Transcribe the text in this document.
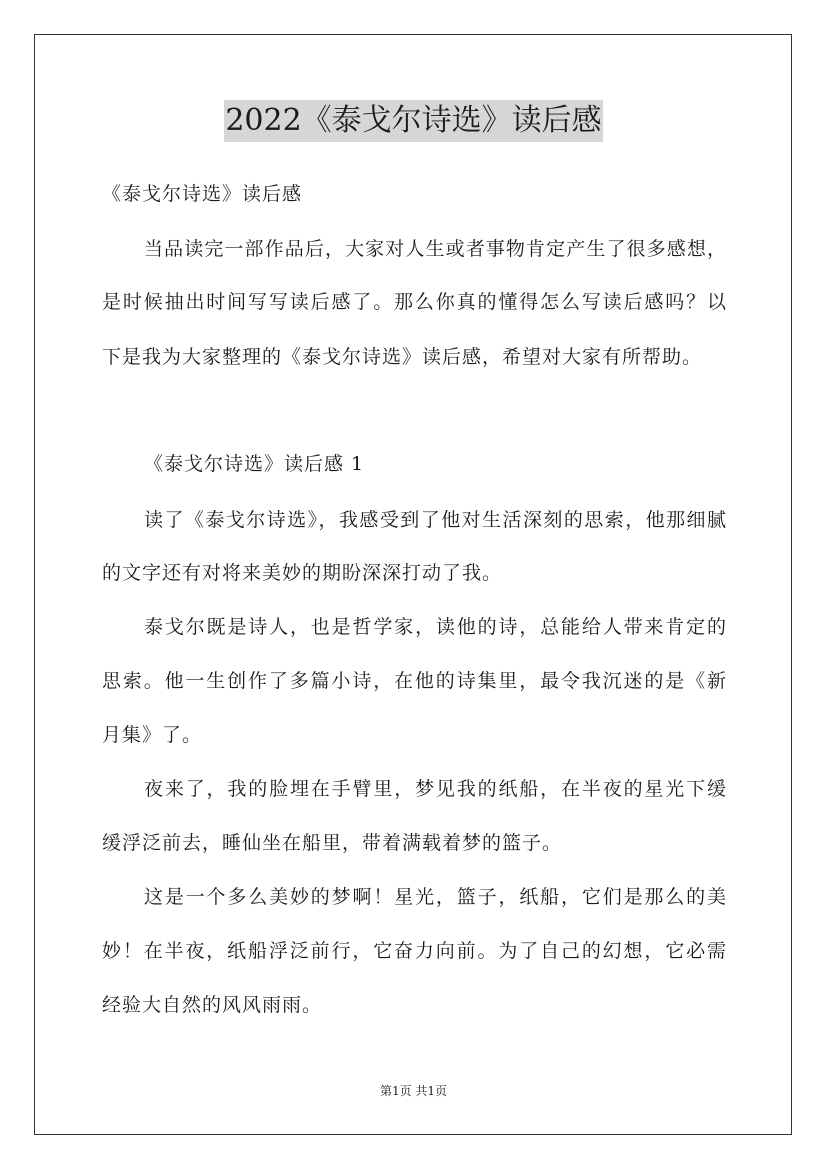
2022《泰戈尔诗选》读后感

《泰戈尔诗选》读后感

当品读完一部作品后，大家对人生或者事物肯定产生了很多感想，

是时候抽出时间写写读后感了。那么你真的懂得怎么写读后感吗？以

下是我为大家整理的《泰戈尔诗选》读后感，希望对大家有所帮助。

《泰戈尔诗选》读后感 1

读了《泰戈尔诗选》，我感受到了他对生活深刻的思索，他那细腻

的文字还有对将来美妙的期盼深深打动了我。

泰戈尔既是诗人，也是哲学家，读他的诗，总能给人带来肯定的

思索。他一生创作了多篇小诗，在他的诗集里，最令我沉迷的是《新

月集》了。

夜来了，我的脸埋在手臂里，梦见我的纸船，在半夜的星光下缓

缓浮泛前去，睡仙坐在船里，带着满载着梦的篮子。

这是一个多么美妙的梦啊！星光，篮子，纸船，它们是那么的美

妙！在半夜，纸船浮泛前行，它奋力向前。为了自己的幻想，它必需

经验大自然的风风雨雨。

第1页 共1页
